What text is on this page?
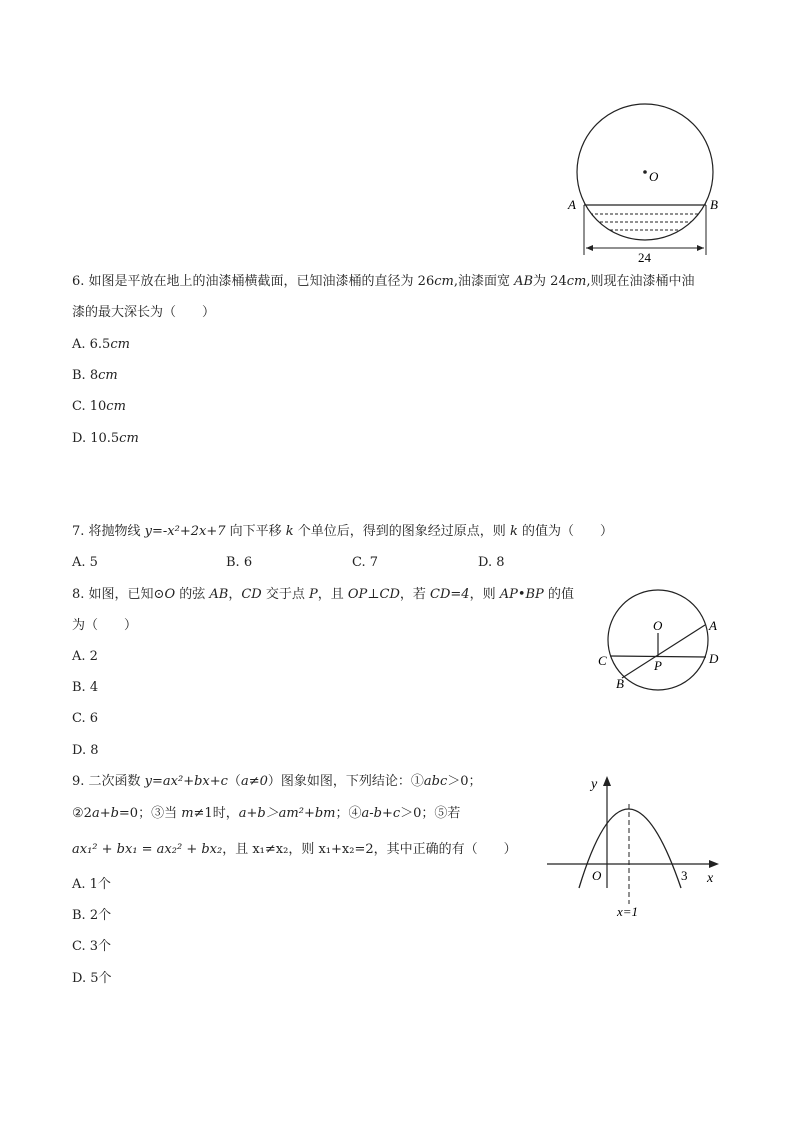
O
A	B
24
6. 如图是平放在地上的油漆桶横截面，已知油漆桶的直径为 26cm,油漆面宽 AB为 24cm,则现在油漆桶中油
漆的最大深长为（　　）
A. 6.5cm
B. 8cm
C. 10cm
D. 10.5cm
7. 将抛物线 y=-x²+2x+7 向下平移 k 个单位后，得到的图象经过原点，则 k 的值为（　　）
A. 5	B. 6	C. 7	D. 8
8. 如图，已知⊙O 的弦 AB，CD 交于点 P，且 OP⊥CD，若 CD=4，则 AP•BP 的值
为（　　）
A. 2
B. 4
C. 6
D. 8
O	A
C	D
P
B
9. 二次函数 y=ax²+bx+c（a≠0）图象如图，下列结论：①abc＞0；
②2a+b=0；③当 m≠1时，a+b＞am²+bm；④a-b+c＞0；⑤若
ax₁² + bx₁ = ax₂² + bx₂，且 x₁≠x₂，则 x₁+x₂=2，其中正确的有（　　）
A. 1个
B. 2个
C. 3个
D. 5个
y
x
O	3
x=1
